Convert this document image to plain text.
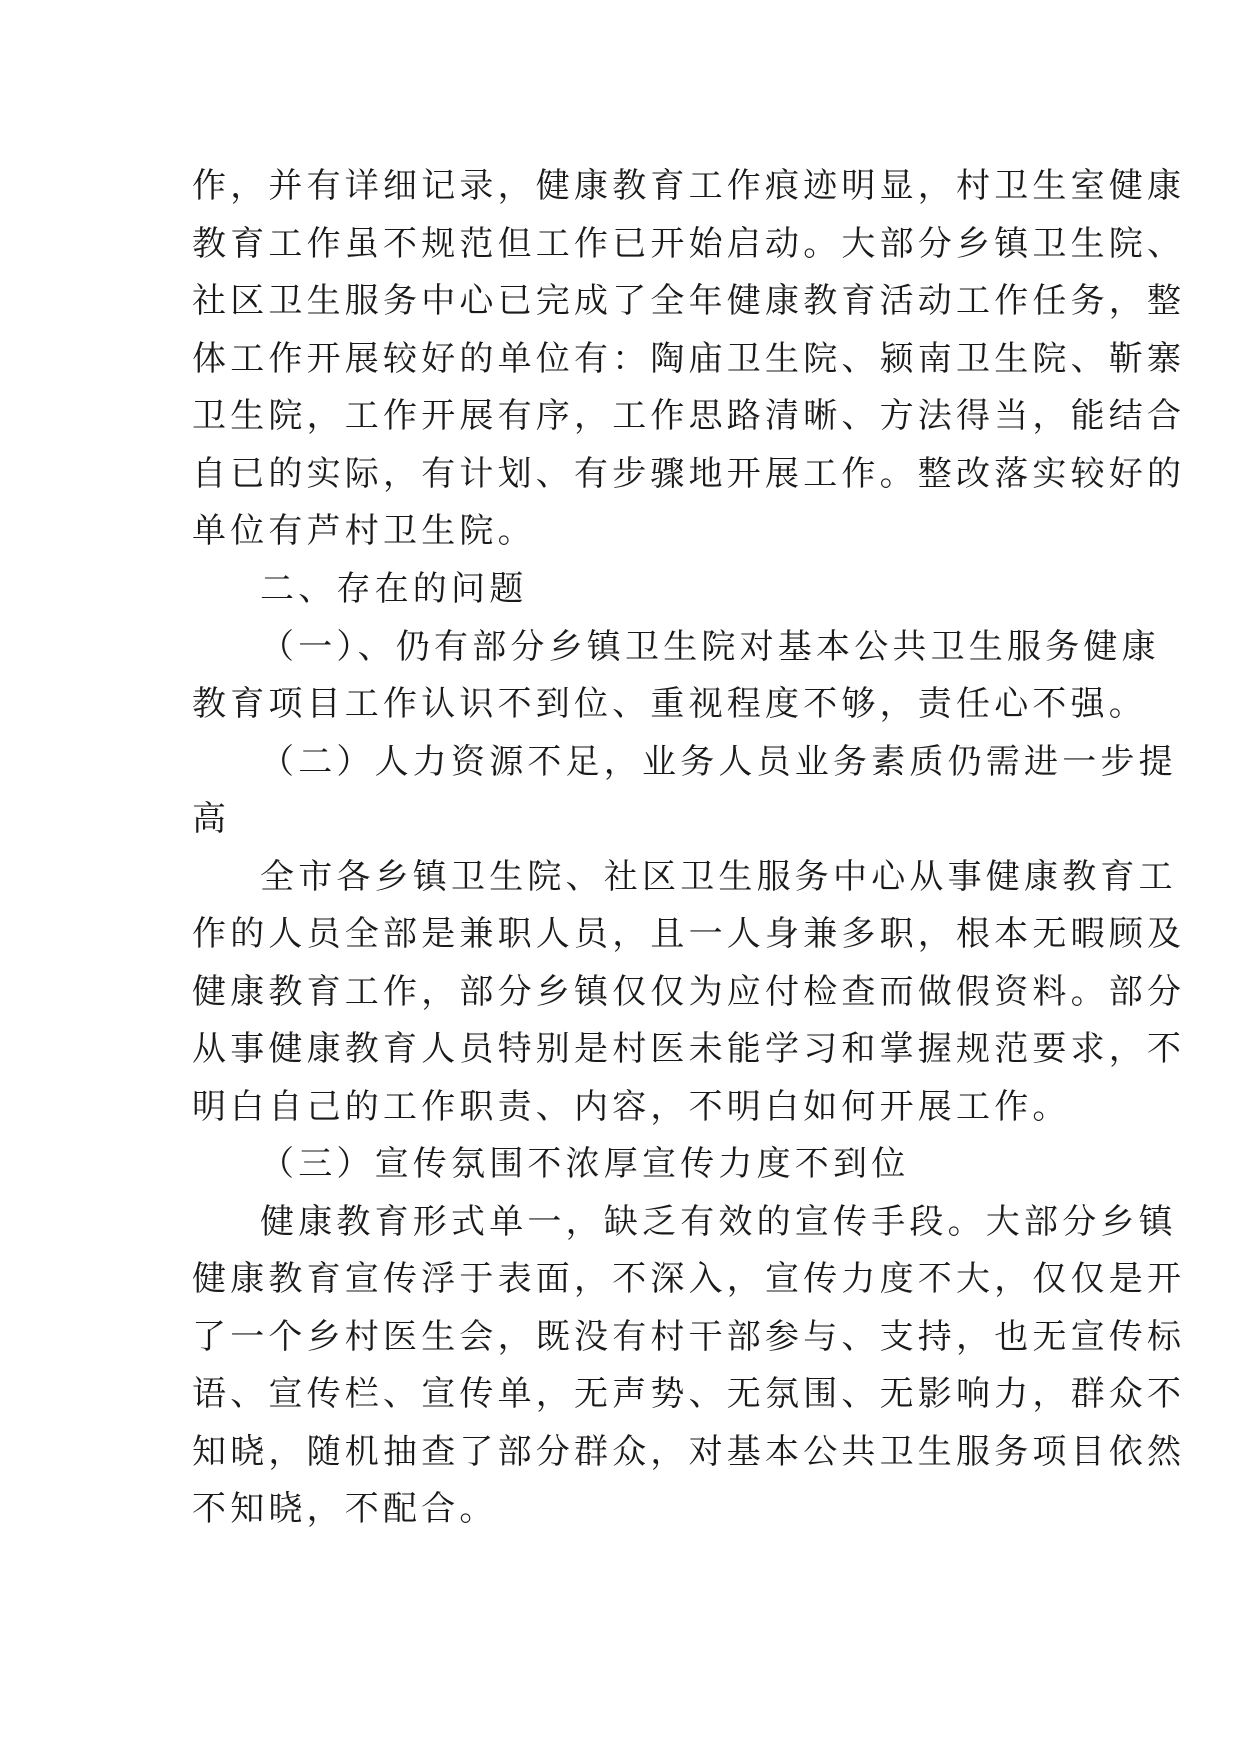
作，并有详细记录，健康教育工作痕迹明显，村卫生室健康
教育工作虽不规范但工作已开始启动。大部分乡镇卫生院、
社区卫生服务中心已完成了全年健康教育活动工作任务，整
体工作开展较好的单位有：陶庙卫生院、颍南卫生院、靳寨
卫生院，工作开展有序，工作思路清晰、方法得当，能结合
自已的实际，有计划、有步骤地开展工作。整改落实较好的
单位有芦村卫生院。
二、存在的问题
（一）、仍有部分乡镇卫生院对基本公共卫生服务健康
教育项目工作认识不到位、重视程度不够，责任心不强。
（二）人力资源不足，业务人员业务素质仍需进一步提
高
全市各乡镇卫生院、社区卫生服务中心从事健康教育工
作的人员全部是兼职人员，且一人身兼多职，根本无暇顾及
健康教育工作，部分乡镇仅仅为应付检查而做假资料。部分
从事健康教育人员特别是村医未能学习和掌握规范要求，不
明白自己的工作职责、内容，不明白如何开展工作。
（三）宣传氛围不浓厚宣传力度不到位
健康教育形式单一，缺乏有效的宣传手段。大部分乡镇
健康教育宣传浮于表面，不深入，宣传力度不大，仅仅是开
了一个乡村医生会，既没有村干部参与、支持，也无宣传标
语、宣传栏、宣传单，无声势、无氛围、无影响力，群众不
知晓，随机抽查了部分群众，对基本公共卫生服务项目依然
不知晓，不配合。
